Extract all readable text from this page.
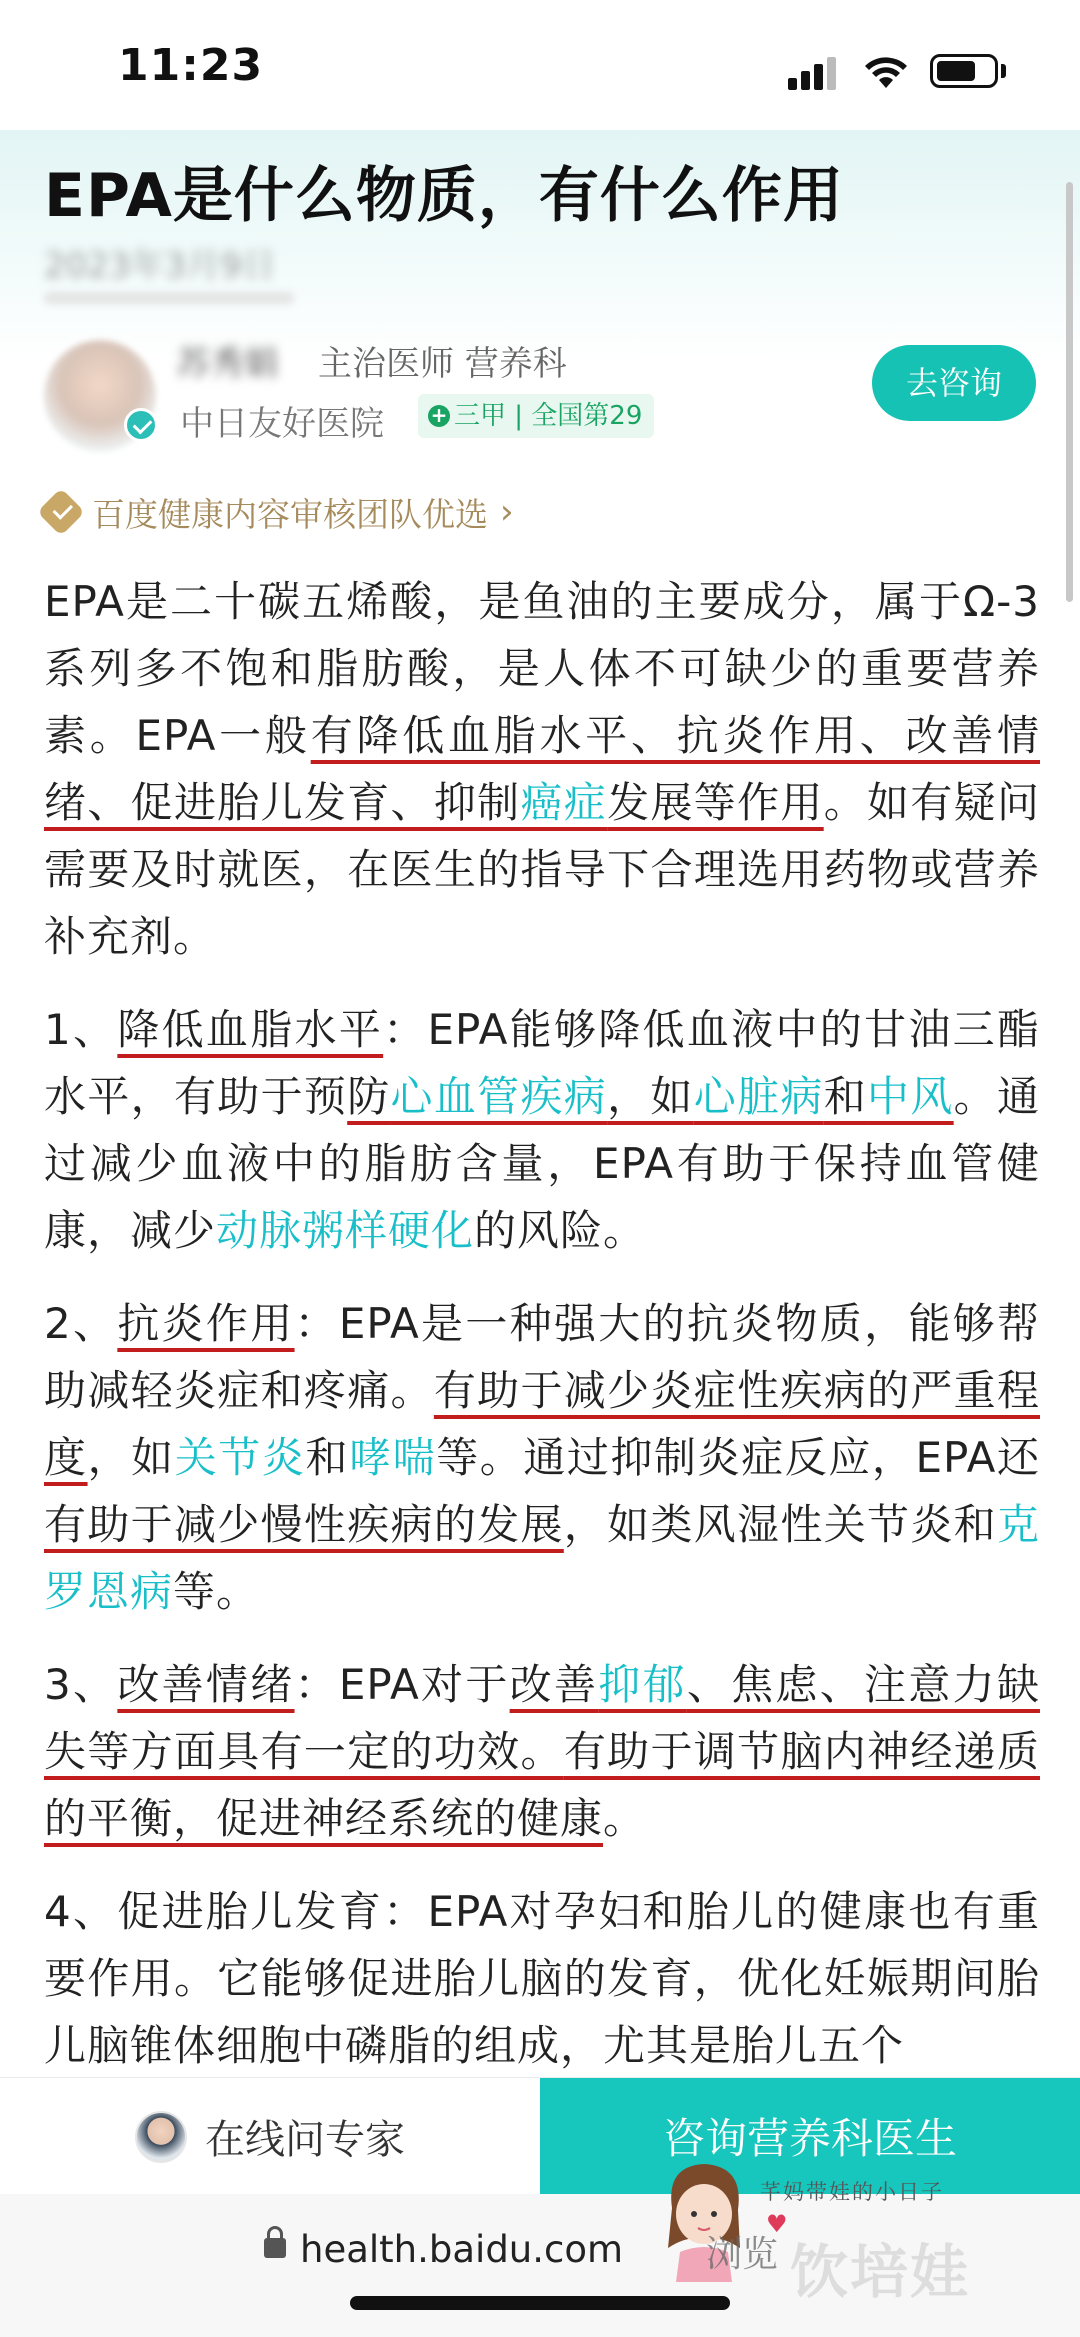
11:23
EPA是什么物质，有什么作用
2023年3月9日
苏秀娟 主治医师 营养科
中日友好医院 + 三甲 | 全国第29
去咨询
百度健康内容审核团队优选 ›

EPA是二十碳五烯酸，是鱼油的主要成分，属于Ω-3系列多不饱和脂肪酸，是人体不可缺少的重要营养素。EPA一般有降低血脂水平、抗炎作用、改善情绪、促进胎儿发育、抑制癌症发展等作用。如有疑问需要及时就医，在医生的指导下合理选用药物或营养补充剂。

1、降低血脂水平：EPA能够降低血液中的甘油三酯水平，有助于预防心血管疾病，如心脏病和中风。通过减少血液中的脂肪含量，EPA有助于保持血管健康，减少动脉粥样硬化的风险。

2、抗炎作用：EPA是一种强大的抗炎物质，能够帮助减轻炎症和疼痛。有助于减少炎症性疾病的严重程度，如关节炎和哮喘等。通过抑制炎症反应，EPA还有助于减少慢性疾病的发展，如类风湿性关节炎和克罗恩病等。

3、改善情绪：EPA对于改善抑郁、焦虑、注意力缺失等方面具有一定的功效。有助于调节脑内神经递质的平衡，促进神经系统的健康。

4、促进胎儿发育：EPA对孕妇和胎儿的健康也有重要作用。它能够促进胎儿脑的发育，优化妊娠期间胎儿脑锥体细胞中磷脂的组成，尤其是胎儿五个

在线问专家	咨询营养科医生
health.baidu.com
芊妈带娃的小日子
♥
浏览 饮培娃
